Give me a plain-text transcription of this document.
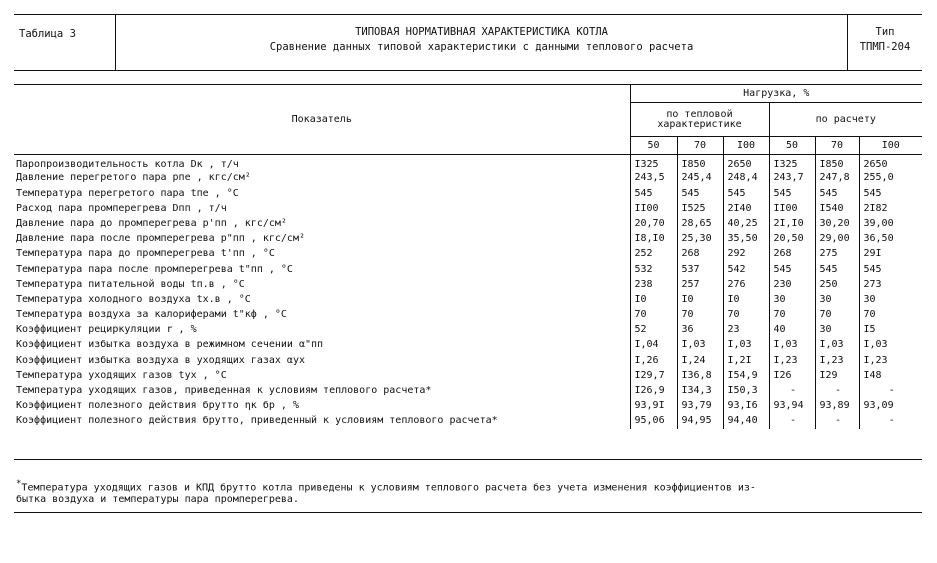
Таблица 3	ТИПОВАЯ НОРМАТИВНАЯ ХАРАКТЕРИСТИКА КОТЛА
Сравнение данных типовой характеристики с данными теплового расчета
Тип
ТПМП-204
Показатель	Нагрузка, %					

	по тепловой
характеристике			по расчету		
	50	70	I00	50	70	I00
Паропроизводительность котла Dк , т/ч	I325	I850	2650	I325	I850	2650
Давление перегретого пара pпе , кгс/см²	243,5	245,4	248,4	243,7	247,8	255,0
Температура перегретого пара tпе , °С	545	545	545	545	545	545
Расход пара промперегрева Dпп , т/ч	II00	I525	2I40	II00	I540	2I82
Давление пара до промперегрева p'пп , кгс/см²	20,70	28,65	40,25	2I,I0	30,20	39,00
Давление пара после промперегрева p"пп , кгс/см²	I8,I0	25,30	35,50	20,50	29,00	36,50
Температура пара до промперегрева t'пп , °С	252	268	292	268	275	29I
Температура пара после промперегрева t"пп , °С	532	537	542	545	545	545
Температура питательной воды tп.в , °С	238	257	276	230	250	273
Температура холодного воздуха tх.в , °С	I0	I0	I0	30	30	30
Температура воздуха за калориферами t"кф , °С	70	70	70	70	70	70
Коэффициент рециркуляции r , %	52	36	23	40	30	I5
Коэффициент избытка воздуха в режимном сечении α"пп	I,04	I,03	I,03	I,03	I,03	I,03
Коэффициент избытка воздуха в уходящих газах αух	I,26	I,24	I,2I	I,23	I,23	I,23
Температура уходящих газов tух , °С	I29,7	I36,8	I54,9	I26	I29	I48
Температура уходящих газов, приведенная к условиям теплового расчета*	I26,9	I34,3	I50,3	-	-	-
Коэффициент полезного действия брутто ηк бр , %	93,9I	93,79	93,I6	93,94	93,89	93,09
Коэффициент полезного действия брутто, приведенный к условиям теплового расчета*	95,06	94,95	94,40	-	-	-
*Температура уходящих газов и КПД брутто котла приведены к условиям теплового расчета без учета изменения коэффициентов из-
бытка воздуха и температуры пара промперегрева.
